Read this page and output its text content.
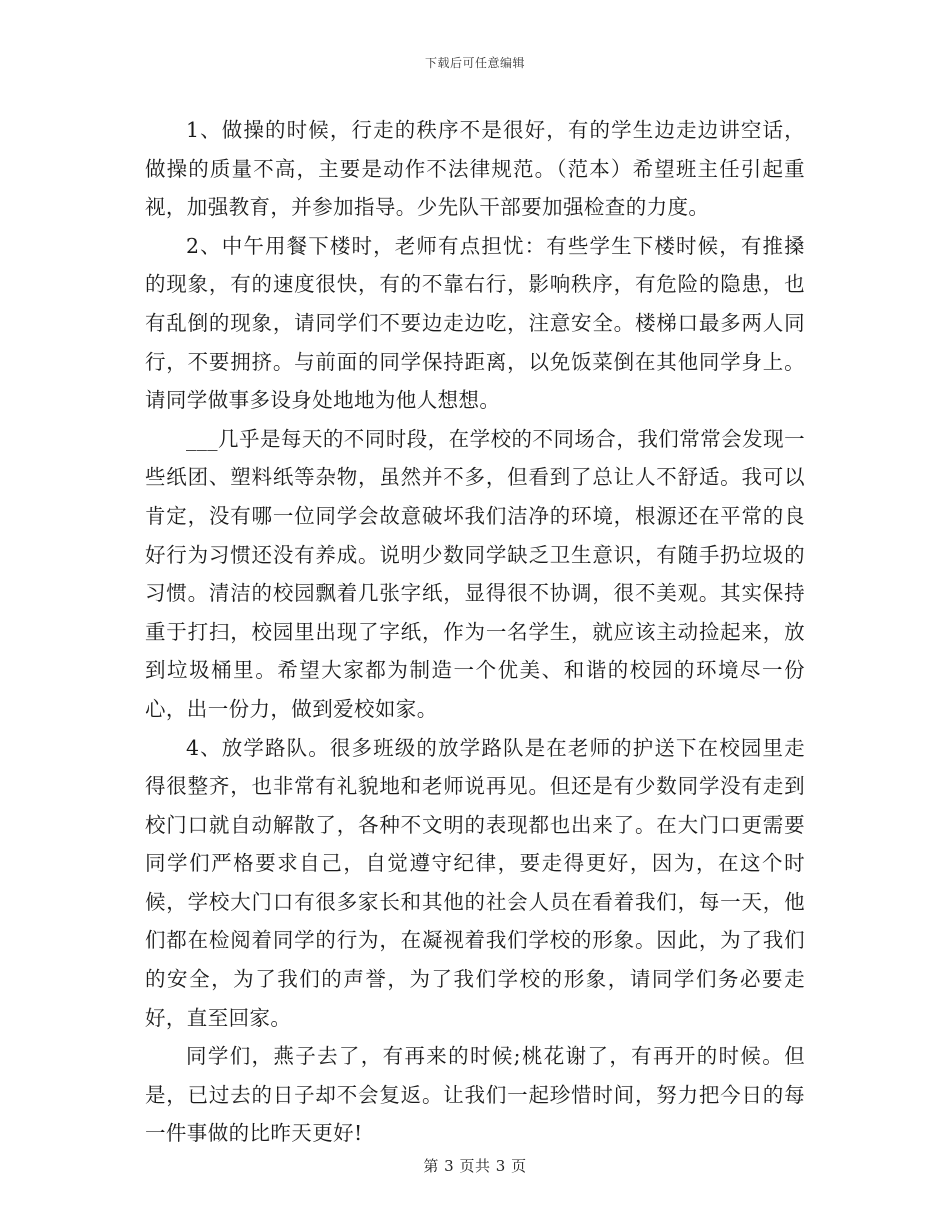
下载后可任意编辑

1、做操的时候，行走的秩序不是很好，有的学生边走边讲空话，做操的质量不高，主要是动作不法律规范。（范本）希望班主任引起重视，加强教育，并参加指导。少先队干部要加强检查的力度。

2、中午用餐下楼时，老师有点担忧：有些学生下楼时候，有推搡的现象，有的速度很快，有的不靠右行，影响秩序，有危险的隐患，也有乱倒的现象，请同学们不要边走边吃，注意安全。楼梯口最多两人同行，不要拥挤。与前面的同学保持距离，以免饭菜倒在其他同学身上。请同学做事多设身处地地为他人想想。

___几乎是每天的不同时段，在学校的不同场合，我们常常会发现一些纸团、塑料纸等杂物，虽然并不多，但看到了总让人不舒适。我可以肯定，没有哪一位同学会故意破坏我们洁净的环境，根源还在平常的良好行为习惯还没有养成。说明少数同学缺乏卫生意识，有随手扔垃圾的习惯。清洁的校园飘着几张字纸，显得很不协调，很不美观。其实保持重于打扫，校园里出现了字纸，作为一名学生，就应该主动捡起来，放到垃圾桶里。希望大家都为制造一个优美、和谐的校园的环境尽一份心，出一份力，做到爱校如家。

4、放学路队。很多班级的放学路队是在老师的护送下在校园里走得很整齐，也非常有礼貌地和老师说再见。但还是有少数同学没有走到校门口就自动解散了，各种不文明的表现都也出来了。在大门口更需要同学们严格要求自己，自觉遵守纪律，要走得更好，因为，在这个时候，学校大门口有很多家长和其他的社会人员在看着我们，每一天，他们都在检阅着同学的行为，在凝视着我们学校的形象。因此，为了我们的安全，为了我们的声誉，为了我们学校的形象，请同学们务必要走好，直至回家。

同学们，燕子去了，有再来的时候;桃花谢了，有再开的时候。但是，已过去的日子却不会复返。让我们一起珍惜时间，努力把今日的每一件事做的比昨天更好!

第 3 页共 3 页
